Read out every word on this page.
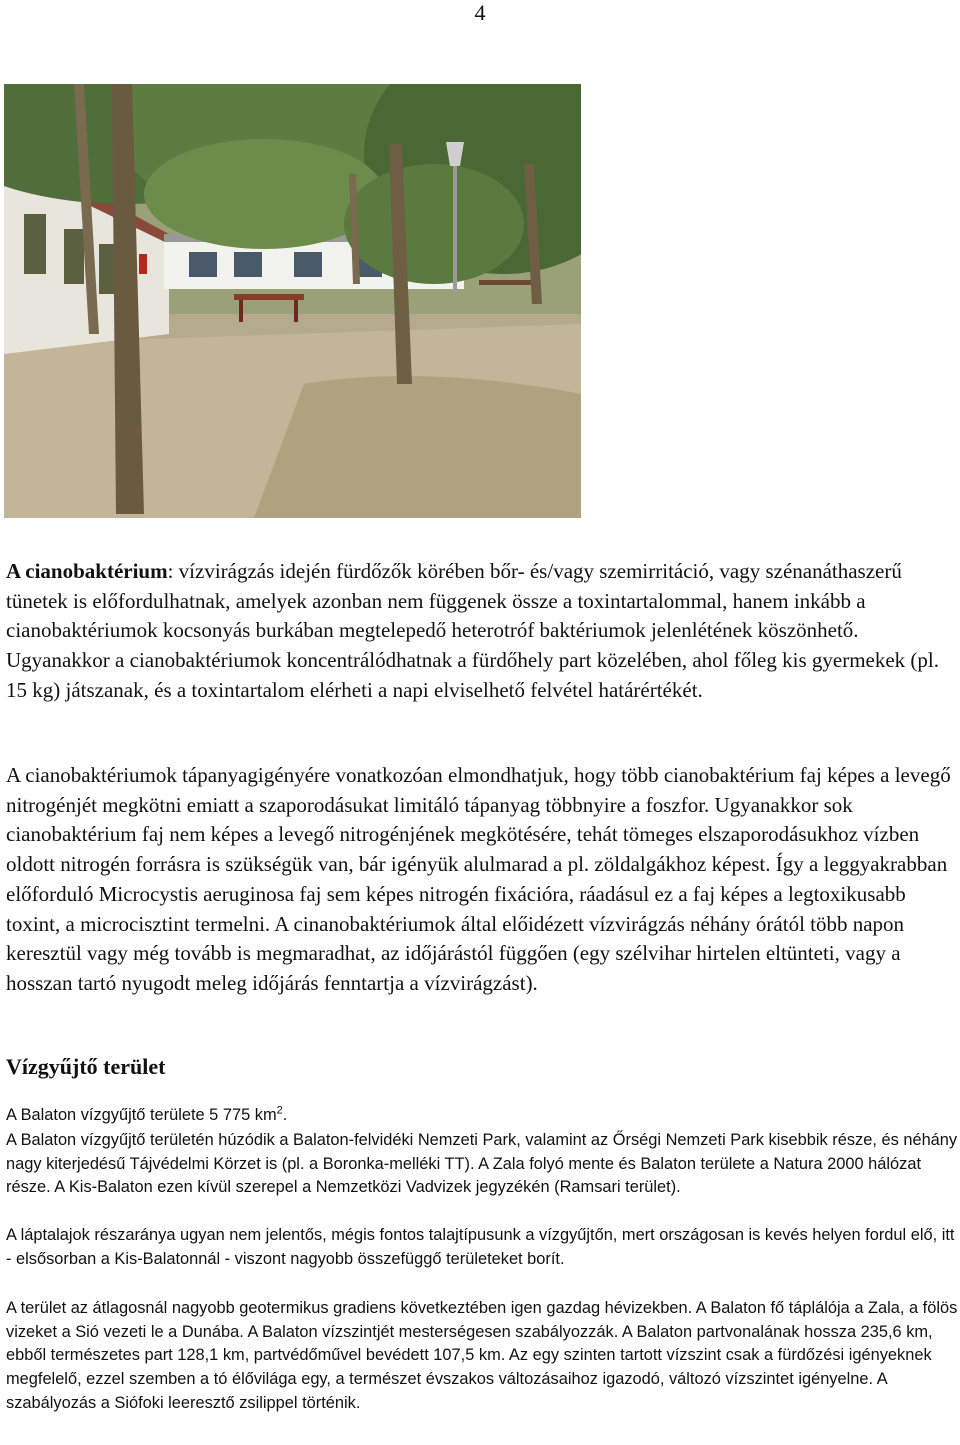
4

A cianobaktérium: vízvirágzás idején fürdőzők körében bőr- és/vagy szemirritáció, vagy szénanáthaszerű tünetek is előfordulhatnak, amelyek azonban nem függenek össze a toxintartalommal, hanem inkább a cianobaktériumok kocsonyás burkában megtelepedő heterotróf baktériumok jelenlétének köszönhető. Ugyanakkor a cianobaktériumok koncentrálódhatnak a fürdőhely part közelében, ahol főleg kis gyermekek (pl. 15 kg) játszanak, és a toxintartalom elérheti a napi elviselhető felvétel határértékét.

A cianobaktériumok tápanyagigényére vonatkozóan elmondhatjuk, hogy több cianobaktérium faj képes a levegő nitrogénjét megkötni emiatt a szaporodásukat limitáló tápanyag többnyire a foszfor. Ugyanakkor sok cianobaktérium faj nem képes a levegő nitrogénjének megkötésére, tehát tömeges elszaporodásukhoz vízben oldott nitrogén forrásra is szükségük van, bár igényük alulmarad a pl. zöldalgákhoz képest. Így a leggyakrabban előforduló Microcystis aeruginosa faj sem képes nitrogén fixációra, ráadásul ez a faj képes a legtoxikusabb toxint, a microcisztint termelni. A cinanobaktériumok által előidézett vízvirágzás néhány órától több napon keresztül vagy még tovább is megmaradhat, az időjárástól függően (egy szélvihar hirtelen eltünteti, vagy a hosszan tartó nyugodt meleg időjárás fenntartja a vízvirágzást).

Vízgyűjtő terület

A Balaton vízgyűjtő területe 5 775 $km^2$.

A Balaton vízgyűjtő területén húzódik a Balaton-felvidéki Nemzeti Park, valamint az Őrségi Nemzeti Park kisebbik része, és néhány nagy kiterjedésű Tájvédelmi Körzet is (pl. a Boronka-melléki TT). A Zala folyó mente és Balaton területe a Natura 2000 hálózat része. A Kis-Balaton ezen kívül szerepel a Nemzetközi Vadvizek jegyzékén (Ramsari terület).

A láptalajok részaránya ugyan nem jelentős, mégis fontos talajtípusunk a vízgyűjtőn, mert országosan is kevés helyen fordul elő, itt - elsősorban a Kis-Balatonnál - viszont nagyobb összefüggő területeket borít.

A terület az átlagosnál nagyobb geotermikus gradiens következtében igen gazdag hévizekben. A Balaton fő táplálója a Zala, a fölös vizeket a Sió vezeti le a Dunába. A Balaton vízszintjét mesterségesen szabályozzák. A Balaton partvonalának hossza 235,6 km, ebből természetes part 128,1 km, partvédőművel bevédett 107,5 km. Az egy szinten tartott vízszint csak a fürdőzési igényeknek megfelelő, ezzel szemben a tó élővilága egy, a természet évszakos változásaihoz igazodó, változó vízszintet igényelne. A szabályozás a Siófoki leeresztő zsilippel történik.
